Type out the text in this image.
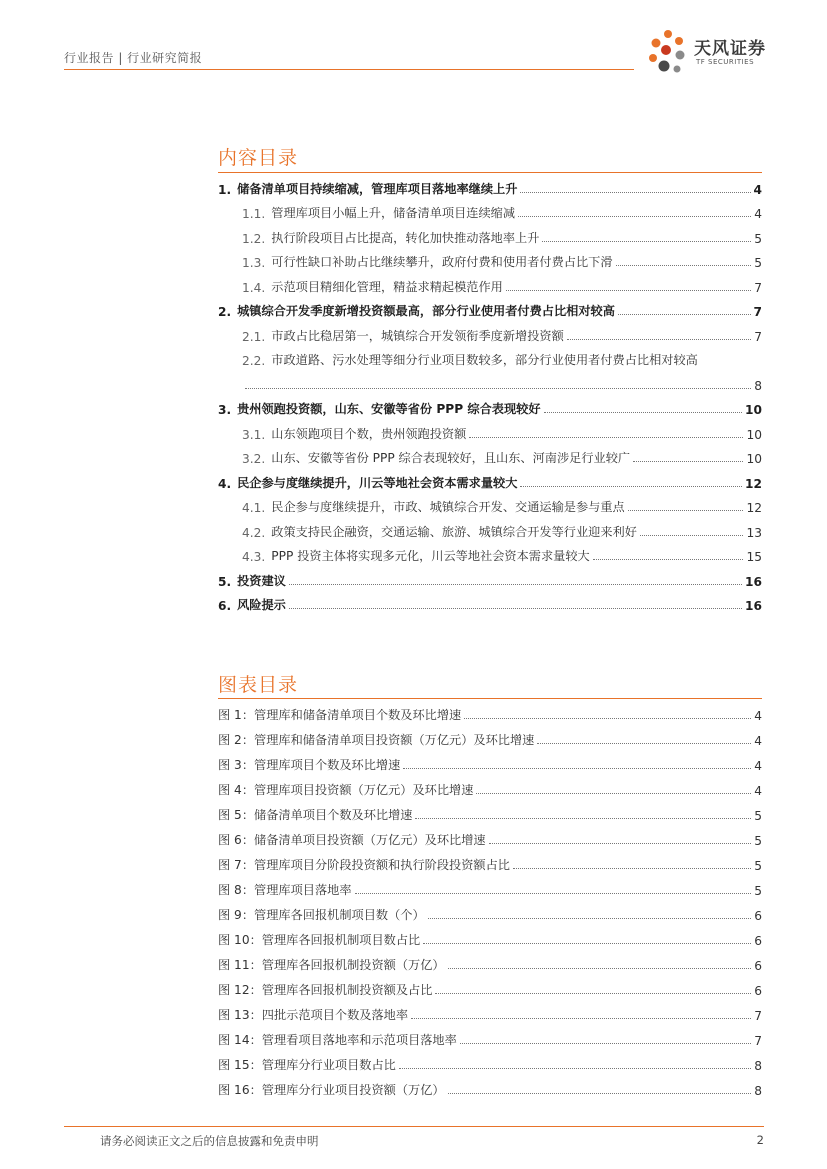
行业报告 | 行业研究简报	天风证券
TF SECURITIES
内容目录
1. 储备清单项目持续缩减，管理库项目落地率继续上升	4
1.1. 管理库项目小幅上升，储备清单项目连续缩减	4
1.2. 执行阶段项目占比提高，转化加快推动落地率上升	5
1.3. 可行性缺口补助占比继续攀升，政府付费和使用者付费占比下滑	5
1.4. 示范项目精细化管理，精益求精起模范作用	7
2. 城镇综合开发季度新增投资额最高，部分行业使用者付费占比相对较高	7
2.1. 市政占比稳居第一，城镇综合开发领衔季度新增投资额	7
2.2. 市政道路、污水处理等细分行业项目数较多，部分行业使用者付费占比相对较高
8
3. 贵州领跑投资额，山东、安徽等省份 PPP 综合表现较好	10
3.1. 山东领跑项目个数，贵州领跑投资额	10
3.2. 山东、安徽等省份 PPP 综合表现较好，且山东、河南涉足行业较广	10
4. 民企参与度继续提升，川云等地社会资本需求量较大	12
4.1. 民企参与度继续提升，市政、城镇综合开发、交通运输是参与重点	12
4.2. 政策支持民企融资，交通运输、旅游、城镇综合开发等行业迎来利好	13
4.3. PPP 投资主体将实现多元化，川云等地社会资本需求量较大	15
5. 投资建议	16
6. 风险提示	16
图表目录
图 1： 管理库和储备清单项目个数及环比增速	4
图 2： 管理库和储备清单项目投资额（万亿元）及环比增速	4
图 3： 管理库项目个数及环比增速	4
图 4： 管理库项目投资额（万亿元）及环比增速	4
图 5： 储备清单项目个数及环比增速	5
图 6： 储备清单项目投资额（万亿元）及环比增速	5
图 7： 管理库项目分阶段投资额和执行阶段投资额占比	5
图 8： 管理库项目落地率	5
图 9： 管理库各回报机制项目数（个）	6
图 10： 管理库各回报机制项目数占比	6
图 11： 管理库各回报机制投资额（万亿）	6
图 12： 管理库各回报机制投资额及占比	6
图 13： 四批示范项目个数及落地率	7
图 14： 管理看项目落地率和示范项目落地率	7
图 15： 管理库分行业项目数占比	8
图 16： 管理库分行业项目投资额（万亿）	8
请务必阅读正文之后的信息披露和免责申明	2
